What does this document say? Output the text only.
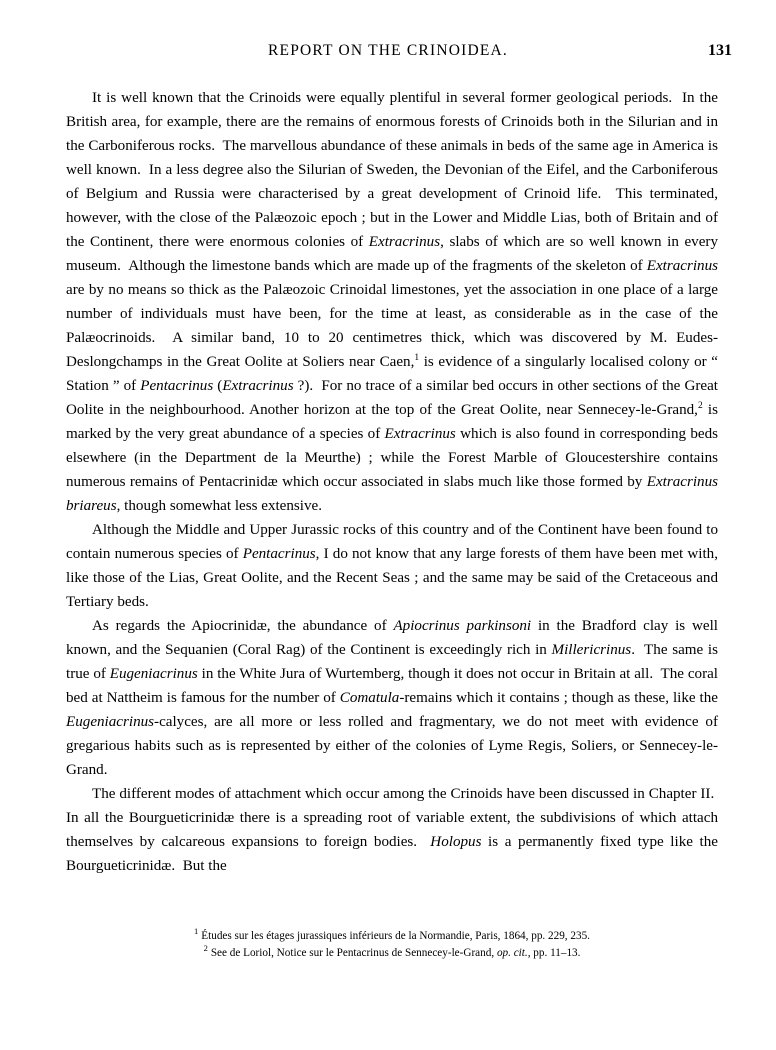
REPORT ON THE CRINOIDEA.	131

It is well known that the Crinoids were equally plentiful in several former geological periods.  In the British area, for example, there are the remains of enormous forests of Crinoids both in the Silurian and in the Carboniferous rocks.  The marvellous abundance of these animals in beds of the same age in America is well known.  In a less degree also the Silurian of Sweden, the Devonian of the Eifel, and the Carboniferous of Belgium and Russia were characterised by a great development of Crinoid life.  This terminated, however, with the close of the Palæozoic epoch ; but in the Lower and Middle Lias, both of Britain and of the Continent, there were enormous colonies of Extracrinus, slabs of which are so well known in every museum.  Although the limestone bands which are made up of the fragments of the skeleton of Extracrinus are by no means so thick as the Palæozoic Crinoidal limestones, yet the association in one place of a large number of individuals must have been, for the time at least, as considerable as in the case of the Palæocrinoids.  A similar band, 10 to 20 centimetres thick, which was discovered by M. Eudes-Deslongchamps in the Great Oolite at Soliers near Caen,$^1$ is evidence of a singularly localised colony or “ Station ” of Pentacrinus (Extracrinus ?).  For no trace of a similar bed occurs in other sections of the Great Oolite in the neighbourhood. Another horizon at the top of the Great Oolite, near Sennecey-le-Grand,$^2$ is marked by the very great abundance of a species of Extracrinus which is also found in corresponding beds elsewhere (in the Department de la Meurthe) ; while the Forest Marble of Gloucestershire contains numerous remains of Pentacrinidæ which occur associated in slabs much like those formed by Extracrinus briareus, though somewhat less extensive.

Although the Middle and Upper Jurassic rocks of this country and of the Continent have been found to contain numerous species of Pentacrinus, I do not know that any large forests of them have been met with, like those of the Lias, Great Oolite, and the Recent Seas ; and the same may be said of the Cretaceous and Tertiary beds.

As regards the Apiocrinidæ, the abundance of Apiocrinus parkinsoni in the Bradford clay is well known, and the Sequanien (Coral Rag) of the Continent is exceedingly rich in Millericrinus.  The same is true of Eugeniacrinus in the White Jura of Wurtemberg, though it does not occur in Britain at all.  The coral bed at Nattheim is famous for the number of Comatula-remains which it contains ; though as these, like the Eugeniacrinus-calyces, are all more or less rolled and fragmentary, we do not meet with evidence of gregarious habits such as is represented by either of the colonies of Lyme Regis, Soliers, or Sennecey-le-Grand.

The different modes of attachment which occur among the Crinoids have been discussed in Chapter II.  In all the Bourgueticrinidæ there is a spreading root of variable extent, the subdivisions of which attach themselves by calcareous expansions to foreign bodies.  Holopus is a permanently fixed type like the Bourgueticrinidæ.  But the

$^1$ Études sur les étages jurassiques inférieurs de la Normandie, Paris, 1864, pp. 229, 235.
$^2$ See de Loriol, Notice sur le Pentacrinus de Sennecey-le-Grand, op. cit., pp. 11–13.
